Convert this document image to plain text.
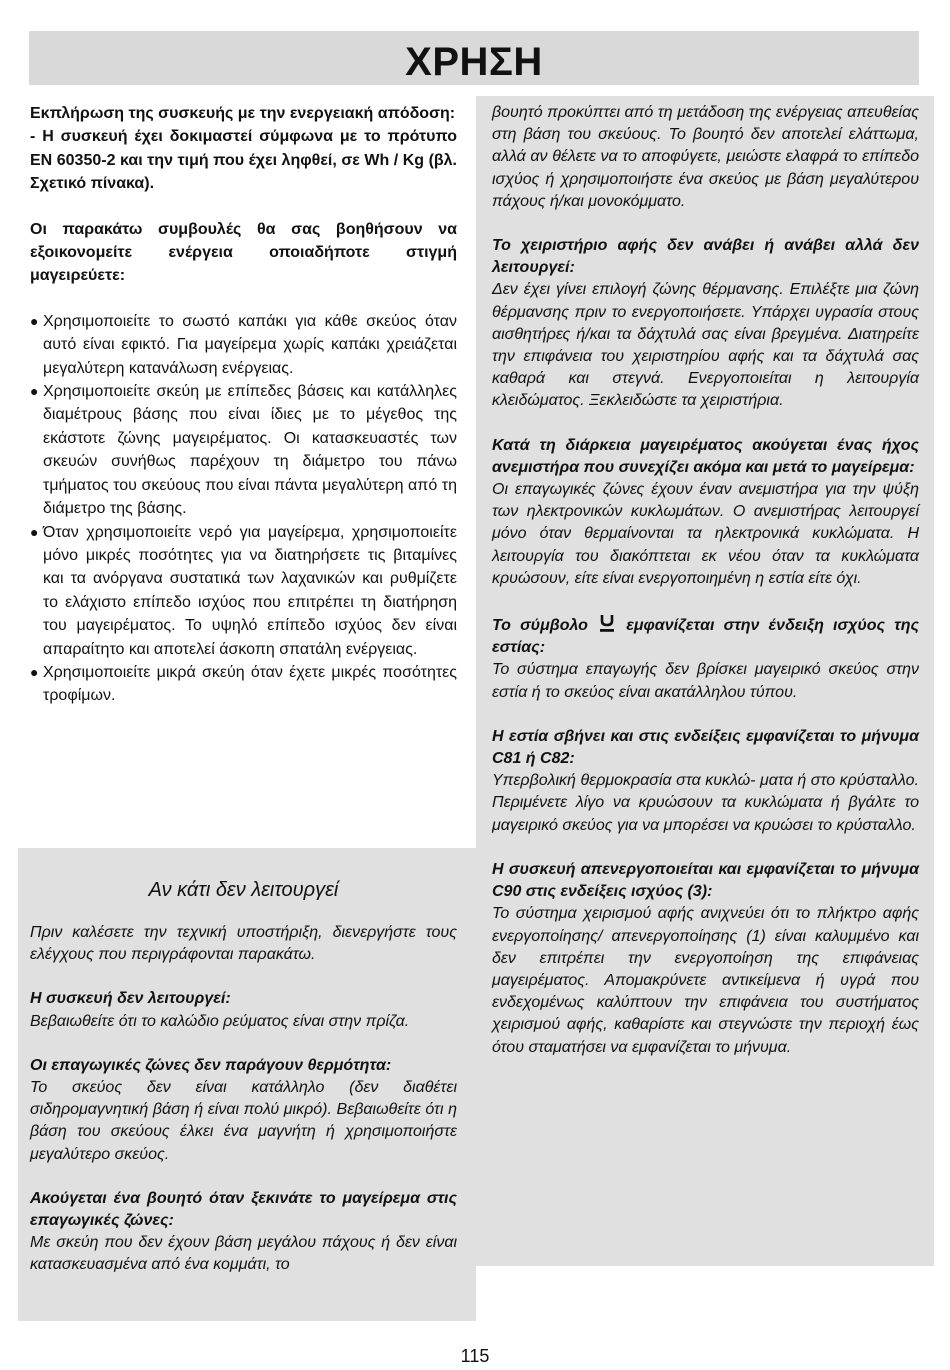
ΧΡΗΣΗ

Εκπλήρωση της συσκευής με την ενεργειακή απόδοση:

- Η συσκευή έχει δοκιμαστεί σύμφωνα με το πρότυπο EN 60350-2 και την τιμή που έχει ληφθεί, σε Wh / Kg (βλ. Σχετικό πίνακα).

Οι παρακάτω συμβουλές θα σας βοηθήσουν να εξοικονομείτε ενέργεια οποιαδήποτε στιγμή μαγειρεύετε:

● Χρησιμοποιείτε το σωστό καπάκι για κάθε σκεύος όταν αυτό είναι εφικτό. Για μαγείρεμα χωρίς καπάκι χρειάζεται μεγαλύτερη κατανάλωση ενέργειας.
● Χρησιμοποιείτε σκεύη με επίπεδες βάσεις και κατάλληλες διαμέτρους βάσης που είναι ίδιες με το μέγεθος της εκάστοτε ζώνης μαγειρέματος. Οι κατασκευαστές των σκευών συνήθως παρέχουν τη διάμετρο του πάνω τμήματος του σκεύους που είναι πάντα μεγαλύτερη από τη διάμετρο της βάσης.
● Όταν χρησιμοποιείτε νερό για μαγείρεμα, χρησιμοποιείτε μόνο μικρές ποσότητες για να διατηρήσετε τις βιταμίνες και τα ανόργανα συστατικά των λαχανικών και ρυθμίζετε το ελάχιστο επίπεδο ισχύος που επιτρέπει τη διατήρηση του μαγειρέματος. Το υψηλό επίπεδο ισχύος δεν είναι απαραίτητο και αποτελεί άσκοπη σπατάλη ενέργειας.
● Χρησιμοποιείτε μικρά σκεύη όταν έχετε μικρές ποσότητες τροφίμων.

Αν κάτι δεν λειτουργεί

Πριν καλέσετε την τεχνική υποστήριξη, διενεργήστε τους ελέγχους που περιγράφονται παρακάτω.

Η συσκευή δεν λειτουργεί:

Βεβαιωθείτε ότι το καλώδιο ρεύματος είναι στην πρίζα.

Οι επαγωγικές ζώνες δεν παράγουν θερμότητα:

Το σκεύος δεν είναι κατάλληλο (δεν διαθέτει σιδηρομαγνητική βάση ή είναι πολύ μικρό). Βεβαιωθείτε ότι η βάση του σκεύους έλκει ένα μαγνήτη ή χρησιμοποιήστε μεγαλύτερο σκεύος.

Ακούγεται ένα βουητό όταν ξεκινάτε το μαγείρεμα στις επαγωγικές ζώνες:

Με σκεύη που δεν έχουν βάση μεγάλου πάχους ή δεν είναι κατασκευασμένα από ένα κομμάτι, το

βουητό προκύπτει από τη μετάδοση της ενέργειας απευθείας στη βάση του σκεύους. Το βουητό δεν αποτελεί ελάττωμα, αλλά αν θέλετε να το αποφύγετε, μειώστε ελαφρά το επίπεδο ισχύος ή χρησιμοποιήστε ένα σκεύος με βάση μεγαλύτερου πάχους ή/και μονοκόμματο.

Το χειριστήριο αφής δεν ανάβει ή ανάβει αλλά δεν λειτουργεί:

Δεν έχει γίνει επιλογή ζώνης θέρμανσης. Επιλέξτε μια ζώνη θέρμανσης πριν το ενεργοποιήσετε. Υπάρχει υγρασία στους αισθητήρες ή/και τα δάχτυλά σας είναι βρεγμένα. Διατηρείτε την επιφάνεια του χειριστηρίου αφής και τα δάχτυλά σας καθαρά και στεγνά. Ενεργοποιείται η λειτουργία κλειδώματος. Ξεκλειδώστε τα χειριστήρια.

Κατά τη διάρκεια μαγειρέματος ακούγεται ένας ήχος ανεμιστήρα που συνεχίζει ακόμα και μετά το μαγείρεμα:

Οι επαγωγικές ζώνες έχουν έναν ανεμιστήρα για την ψύξη των ηλεκτρονικών κυκλωμάτων. Ο ανεμιστήρας λειτουργεί μόνο όταν θερμαίνονται τα ηλεκτρονικά κυκλώματα. Η λειτουργία του διακόπτεται εκ νέου όταν τα κυκλώματα κρυώσουν, είτε είναι ενεργοποιημένη η εστία είτε όχι.

Το σύμβολο εμφανίζεται στην ένδειξη ισχύος της εστίας:

Το σύστημα επαγωγής δεν βρίσκει μαγειρικό σκεύος στην εστία ή το σκεύος είναι ακατάλληλου τύπου.

Η εστία σβήνει και στις ενδείξεις εμφανίζεται το μήνυμα C81 ή C82:

Υπερβολική θερμοκρασία στα κυκλώ- ματα ή στο κρύσταλλο. Περιμένετε λίγο να κρυώσουν τα κυκλώματα ή βγάλτε το μαγειρικό σκεύος για να μπορέσει να κρυώσει το κρύσταλλο.

Η συσκευή απενεργοποιείται και εμφανίζεται το μήνυμα C90 στις ενδείξεις ισχύος (3):

Το σύστημα χειρισμού αφής ανιχνεύει ότι το πλήκτρο αφής ενεργοποίησης/ απενεργοποίησης (1) είναι καλυμμένο και δεν επιτρέπει την ενεργοποίηση της επιφάνειας μαγειρέματος. Απομακρύνετε αντικείμενα ή υγρά που ενδεχομένως καλύπτουν την επιφάνεια του συστήματος χειρισμού αφής, καθαρίστε και στεγνώστε την περιοχή έως ότου σταματήσει να εμφανίζεται το μήνυμα.

115
